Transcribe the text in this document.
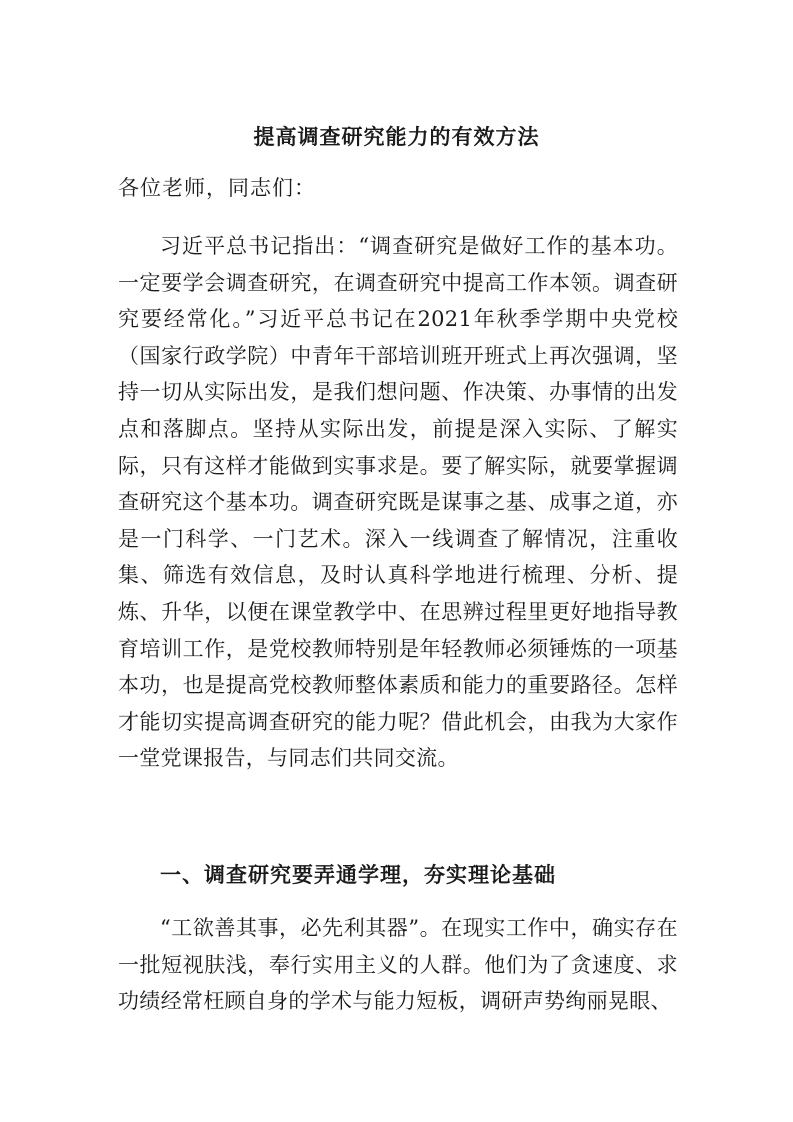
提高调查研究能力的有效方法
各位老师，同志们：

习近平总书记指出：“调查研究是做好工作的基本功。一定要学会调查研究，在调查研究中提高工作本领。调查研究要经常化。”习近平总书记在2021年秋季学期中央党校（国家行政学院）中青年干部培训班开班式上再次强调，坚持一切从实际出发，是我们想问题、作决策、办事情的出发点和落脚点。坚持从实际出发，前提是深入实际、了解实际，只有这样才能做到实事求是。要了解实际，就要掌握调查研究这个基本功。调查研究既是谋事之基、成事之道，亦是一门科学、一门艺术。深入一线调查了解情况，注重收集、筛选有效信息，及时认真科学地进行梳理、分析、提炼、升华，以便在课堂教学中、在思辨过程里更好地指导教育培训工作，是党校教师特别是年轻教师必须锤炼的一项基本功，也是提高党校教师整体素质和能力的重要路径。怎样才能切实提高调查研究的能力呢？借此机会，由我为大家作一堂党课报告，与同志们共同交流。

一、调查研究要弄通学理，夯实理论基础

“工欲善其事，必先利其器”。在现实工作中，确实存在一批短视肤浅，奉行实用主义的人群。他们为了贪速度、求功绩经常枉顾自身的学术与能力短板，调研声势绚丽晃眼、
